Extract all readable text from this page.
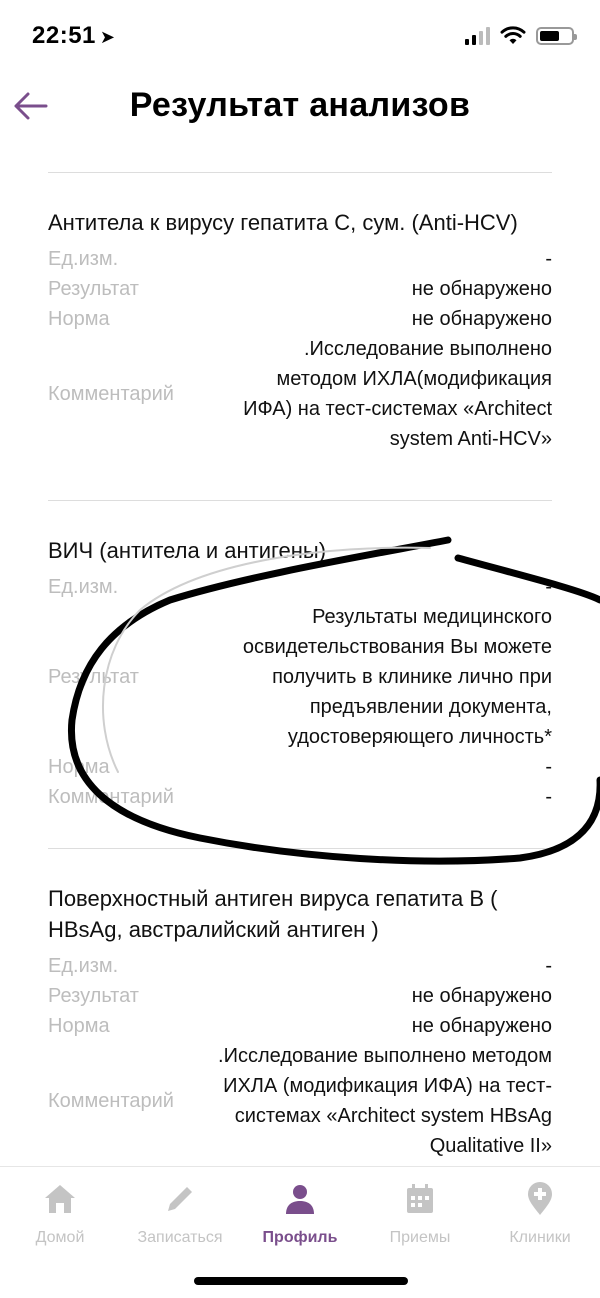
22:51 ➤
Результат анализов
Антитела к вирусу гепатита С, сум. (Anti-HCV)
Ед.изм.	-
Результат	не обнаружено
Норма	не обнаружено
Комментарий
.Исследование выполнено методом ИХЛА(модификация ИФА) на тест-системах «Architect system Anti-HCV»
ВИЧ (антитела и антигены)
Ед.изм.	-
Результат
Результаты медицинского освидетельствования Вы можете получить в клинике лично при предъявлении документа, удостоверяющего личность*
Норма	-
Комментарий	-
Поверхностный антиген вируса гепатита В ( HBsAg, австралийский антиген )
Ед.изм.	-
Результат	не обнаружено
Норма	не обнаружено
Комментарий
.Исследование выполнено методом ИХЛА (модификация ИФА) на тест-системах «Architect system HBsAg Qualitative II»
Домой	Записаться	Профиль	Приемы	Клиники
